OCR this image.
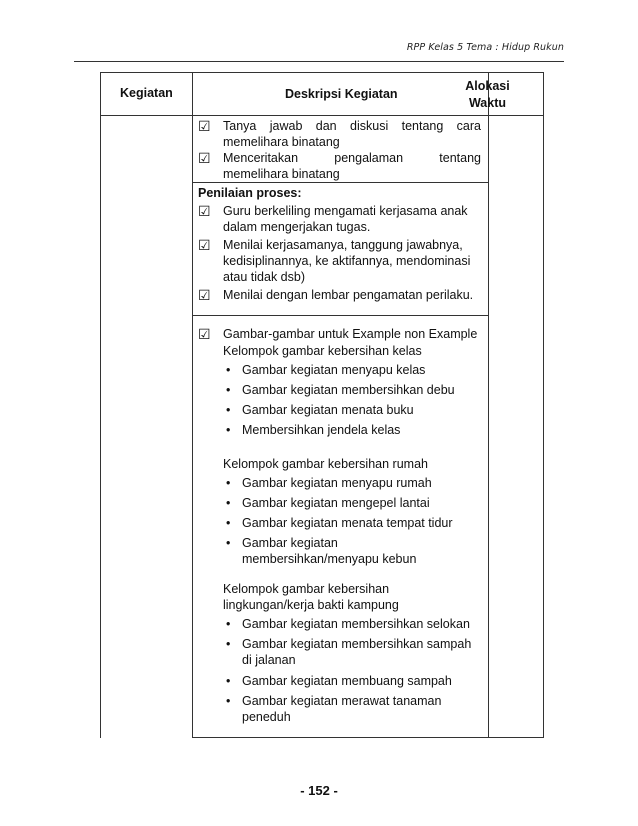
RPP Kelas 5 Tema : Hidup Rukun
Kegiatan	Deskripsi Kegiatan
Alokasi
Waktu
☑ Tanya jawab dan diskusi tentang cara
memelihara binatang
☑ Menceritakan pengalaman tentang
memelihara binatang
Penilaian proses:
☑ Guru berkeliling mengamati kerjasama anak
dalam mengerjakan tugas.
☑ Menilai kerjasamanya, tanggung jawabnya,
kedisiplinannya, ke aktifannya, mendominasi
atau tidak dsb)
☑ Menilai dengan lembar pengamatan perilaku.
☑ Gambar-gambar untuk Example non Example
Kelompok gambar kebersihan kelas
• Gambar kegiatan menyapu kelas
• Gambar kegiatan membersihkan debu
• Gambar kegiatan menata buku
• Membersihkan jendela kelas
Kelompok gambar kebersihan rumah
• Gambar kegiatan menyapu rumah
• Gambar kegiatan mengepel lantai
• Gambar kegiatan menata tempat tidur
• Gambar kegiatan
membersihkan/menyapu kebun
Kelompok gambar kebersihan
lingkungan/kerja bakti kampung
• Gambar kegiatan membersihkan selokan
• Gambar kegiatan membersihkan sampah
di jalanan
• Gambar kegiatan membuang sampah
• Gambar kegiatan merawat tanaman
peneduh
- 152 -
